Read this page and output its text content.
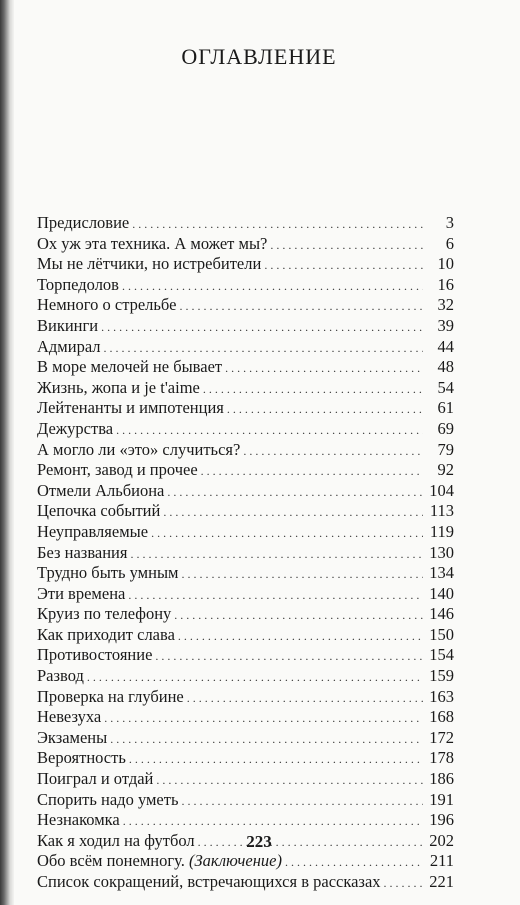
ОГЛАВЛЕНИЕ
Предисловие . . .	3
Ох уж эта техника. А может мы? . . .	6
Мы не лётчики, но истребители . . .	10
Торпедолов . . .	16
Немного о стрельбе . . .	32
Викинги . . .	39
Адмирал . . .	44
В море мелочей не бывает . . .	48
Жизнь, жопа и je t'aime . . .	54
Лейтенанты и импотенция . . .	61
Дежурства . . .	69
А могло ли «это» случиться? . . .	79
Ремонт, завод и прочее . . .	92
Отмели Альбиона . . .	104
Цепочка событий . . .	113
Неуправляемые . . .	119
Без названия . . .	130
Трудно быть умным . . .	134
Эти времена . . .	140
Круиз по телефону . . .	146
Как приходит слава . . .	150
Противостояние . . .	154
Развод . . .	159
Проверка на глубине . . .	163
Невезуха . . .	168
Экзамены . . .	172
Вероятность . . .	178
Поиграл и отдай . . .	186
Спорить надо уметь . . .	191
Незнакомка . . .	196
Как я ходил на футбол . . .	202
Обо всём понемногу. (Заключение) . . .	211
Список сокращений, встречающихся в рассказах . . .	221
223
